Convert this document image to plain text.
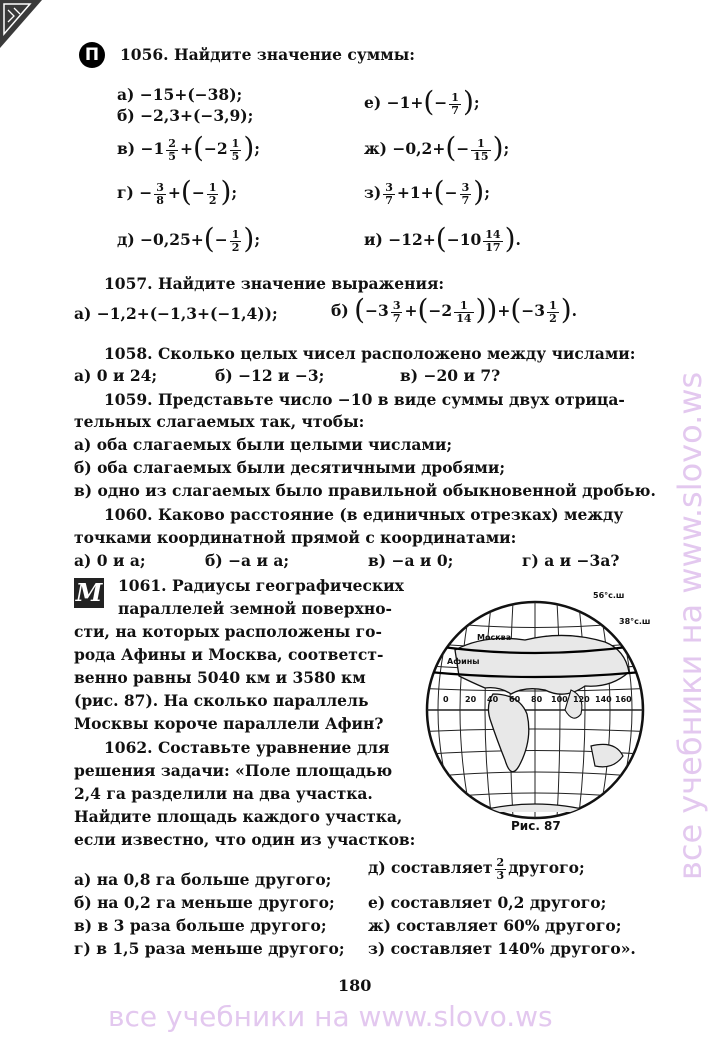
П	1056. Найдите значение суммы:
а) −15+(−38);
б) −2,3+(−3,9);
$в) -1 \frac{2}{5} +(-2 \frac{1}{5}$ );
$г) - \frac{3}{8}$ +(− $\frac{1}{2}$ );
$д) -0,25+(- \frac{1}{2}$ );
$е) -1+(- \frac{1}{7}$ );
$ж) -0,2+(- \frac{1}{15}$ );
$з) \frac{3}{7} +1+(- \frac{3}{7}$ );
$и) -12+(-10 \frac{14}{17}$ ).
1057. Найдите значение выражения:
а) −1,2+(−1,3+(−1,4));	б) $(-3 \frac{3}{7} +(-2 \frac{1}{14} ))+(-3 \frac{1}{2}$ ).
1058. Сколько целых чисел расположено между числами:
а) 0 и 24;	б) −12 и −3;	в) −20 и 7?
1059. Представьте число −10 в виде суммы двух отрица-
тельных слагаемых так, чтобы:
а) оба слагаемых были целыми числами;
б) оба слагаемых были десятичными дробями;
в) одно из слагаемых было правильной обыкновенной дробью.
1060. Каково расстояние (в единичных отрезках) между
точками координатной прямой с координатами:
а) 0 и a;	б) −a и a;	в) −a и 0;	г) a и −3a?
M 1061. Радиусы географических
параллелей земной поверхно-
сти, на которых расположены го-
рода Афины и Москва, соответст-
венно равны 5040 км и 3580 км
(рис. 87). На сколько параллель
Москвы короче параллели Афин?
1062. Составьте уравнение для
решения задачи: «Поле площадью
2,4 га разделили на два участка.
Найдите площадь каждого участка,
если известно, что один из участков:
а) на 0,8 га больше другого;
б) на 0,2 га меньше другого;
в) в 3 раза больше другого;
г) в 1,5 раза меньше другого;
д) составляет $\frac{2}{3}$ другого;
е) составляет 0,2 другого;
ж) составляет 60% другого;
з) составляет 140% другого».
56°с.ш
38°с.ш
Москва
Афины
0 20 40 60 80 100 120 140 160
Рис. 87
180
все учебники на www.slovo.ws
все учебники на www.slovo.ws
